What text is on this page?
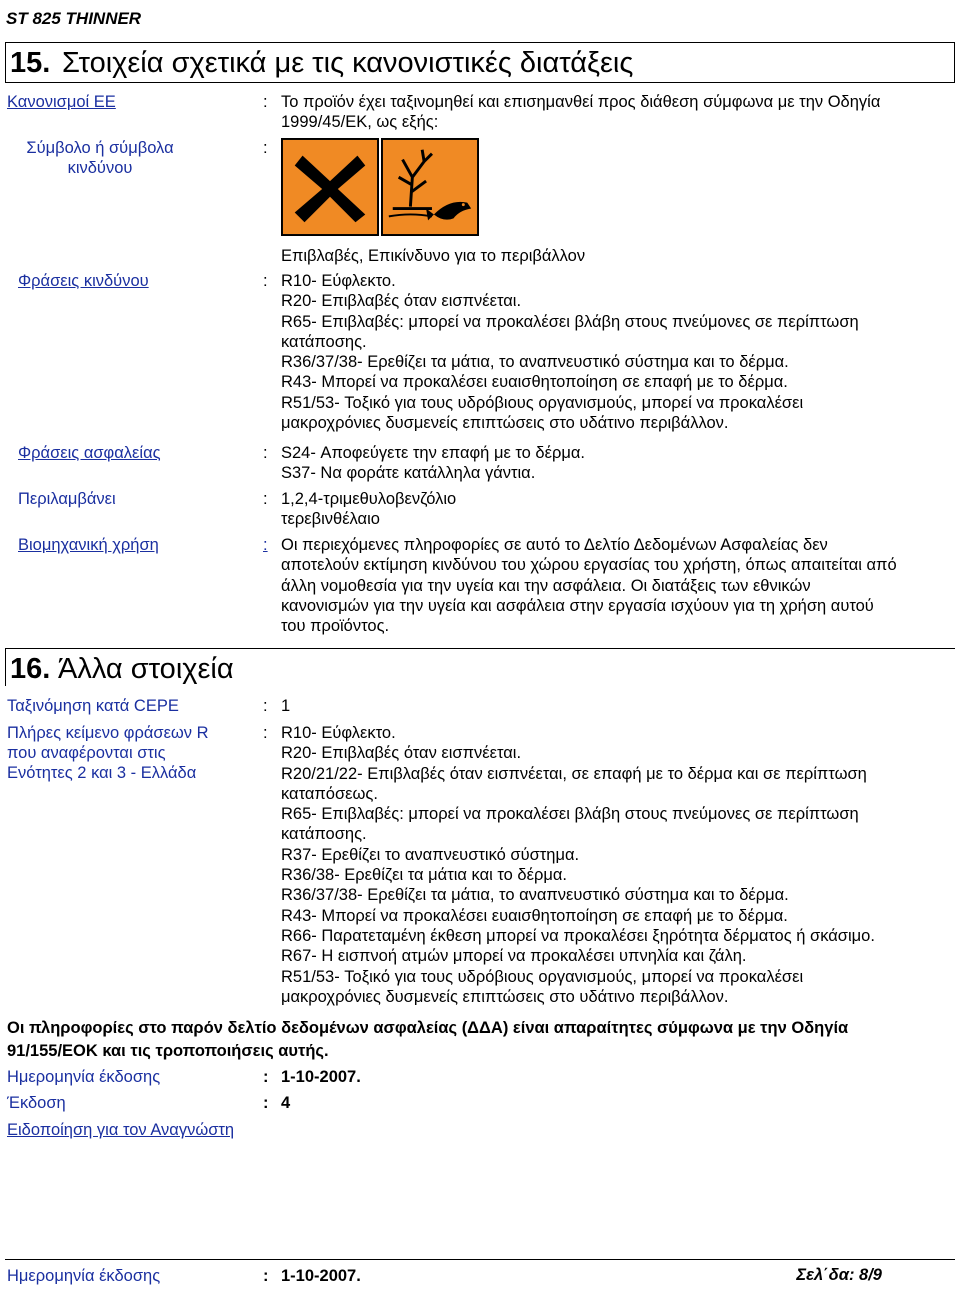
ST 825 THINNER
15. Στοιχεία σχετικά με τις κανονιστικές διατάξεις
Κανονισμοί ΕΕ	: Το προϊόν έχει ταξινομηθεί και επισημανθεί προς διάθεση σύμφωνα με την Οδηγία
1999/45/ΕΚ, ως εξής:
Σύμβολο ή σύμβολα
κινδύνου
:
Επιβλαβές, Επικίνδυνο για το περιβάλλον
Φράσεις κινδύνου	: R10- Εύφλεκτο.
R20- Επιβλαβές όταν εισπνέεται.
R65- Επιβλαβές: μπορεί να προκαλέσει βλάβη στους πνεύμονες σε περίπτωση
κατάποσης.
R36/37/38- Ερεθίζει τα μάτια, το αναπνευστικό σύστημα και το δέρμα.
R43- Μπορεί να προκαλέσει ευαισθητοποίηση σε επαφή με το δέρμα.
R51/53- Τοξικό για τους υδρόβιους οργανισμούς, μπορεί να προκαλέσει
μακροχρόνιες δυσμενείς επιπτώσεις στο υδάτινο περιβάλλον.
Φράσεις ασφαλείας	: S24- Αποφεύγετε την επαφή με το δέρμα.
S37- Να φοράτε κατάλληλα γάντια.
Περιλαμβάνει	: 1,2,4-τριμεθυλοβενζόλιο
τερεβινθέλαιο
Βιομηχανική χρήση	: Οι περιεχόμενες πληροφορίες σε αυτό το Δελτίο Δεδομένων Ασφαλείας δεν
αποτελούν εκτίμηση κινδύνου του χώρου εργασίας του χρήστη, όπως απαιτείται από
άλλη νομοθεσία για την υγεία και την ασφάλεια. Οι διατάξεις των εθνικών
κανονισμών για την υγεία και ασφάλεια στην εργασία ισχύουν για τη χρήση αυτού
του προϊόντος.
16. Άλλα στοιχεία
Ταξινόμηση κατά CEPE	: 1
Πλήρες κείμενο φράσεων R
που αναφέρονται στις
Ενότητες 2 και 3 - Ελλάδα
: R10- Εύφλεκτο.
R20- Επιβλαβές όταν εισπνέεται.
R20/21/22- Επιβλαβές όταν εισπνέεται, σε επαφή με το δέρμα και σε περίπτωση
καταπόσεως.
R65- Επιβλαβές: μπορεί να προκαλέσει βλάβη στους πνεύμονες σε περίπτωση
κατάποσης.
R37- Ερεθίζει το αναπνευστικό σύστημα.
R36/38- Ερεθίζει τα μάτια και το δέρμα.
R36/37/38- Ερεθίζει τα μάτια, το αναπνευστικό σύστημα και το δέρμα.
R43- Μπορεί να προκαλέσει ευαισθητοποίηση σε επαφή με το δέρμα.
R66- Παρατεταμένη έκθεση μπορεί να προκαλέσει ξηρότητα δέρματος ή σκάσιμο.
R67- Η εισπνοή ατμών μπορεί να προκαλέσει υπνηλία και ζάλη.
R51/53- Τοξικό για τους υδρόβιους οργανισμούς, μπορεί να προκαλέσει
μακροχρόνιες δυσμενείς επιπτώσεις στο υδάτινο περιβάλλον.
Οι πληροφορίες στο παρόν δελτίο δεδομένων ασφαλείας (ΔΔΑ) είναι απαραίτητες σύμφωνα με την Οδηγία
91/155/ΕΟΚ και τις τροποποιήσεις αυτής.
Ημερομηνία έκδοσης	: 1-10-2007.
Έκδοση	: 4
Ειδοποίηση για τον Αναγνώστη
Ημερομηνία έκδοσης	: 1-10-2007.	Σελ΄δα: 8/9
